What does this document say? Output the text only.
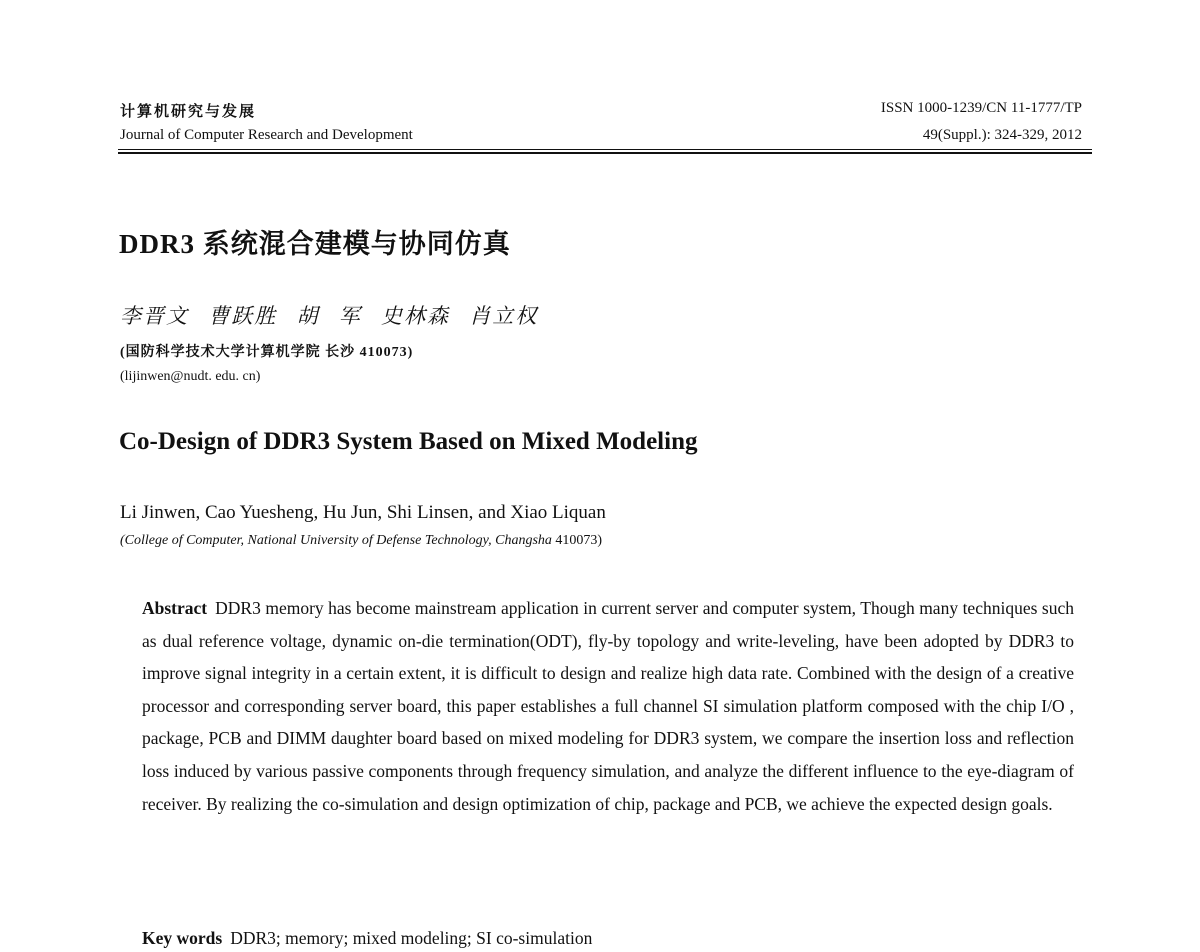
计算机研究与发展
Journal of Computer Research and Development
ISSN 1000-1239/CN 11-1777/TP
49(Suppl.): 324-329, 2012
DDR3 系统混合建模与协同仿真
李晋文 曹跃胜 胡 军 史林森 肖立权
(国防科学技术大学计算机学院 长沙 410073)
(lijinwen@nudt. edu. cn)
Co-Design of DDR3 System Based on Mixed Modeling
Li Jinwen, Cao Yuesheng, Hu Jun, Shi Linsen, and Xiao Liquan
(College of Computer, National University of Defense Technology, Changsha 410073)
Abstract DDR3 memory has become mainstream application in current server and computer system, Though many techniques such as dual reference voltage, dynamic on-die termination(ODT), fly-by topology and write-leveling, have been adopted by DDR3 to improve signal integrity in a certain extent, it is difficult to design and realize high data rate. Combined with the design of a creative processor and corresponding server board, this paper establishes a full channel SI simulation platform composed with the chip I/O , package, PCB and DIMM daughter board based on mixed modeling for DDR3 system, we compare the insertion loss and reflection loss induced by various passive components through frequency simulation, and analyze the different influence to the eye-diagram of receiver. By realizing the co-simulation and design optimization of chip, package and PCB, we achieve the expected design goals.
Key words DDR3; memory; mixed modeling; SI co-simulation
